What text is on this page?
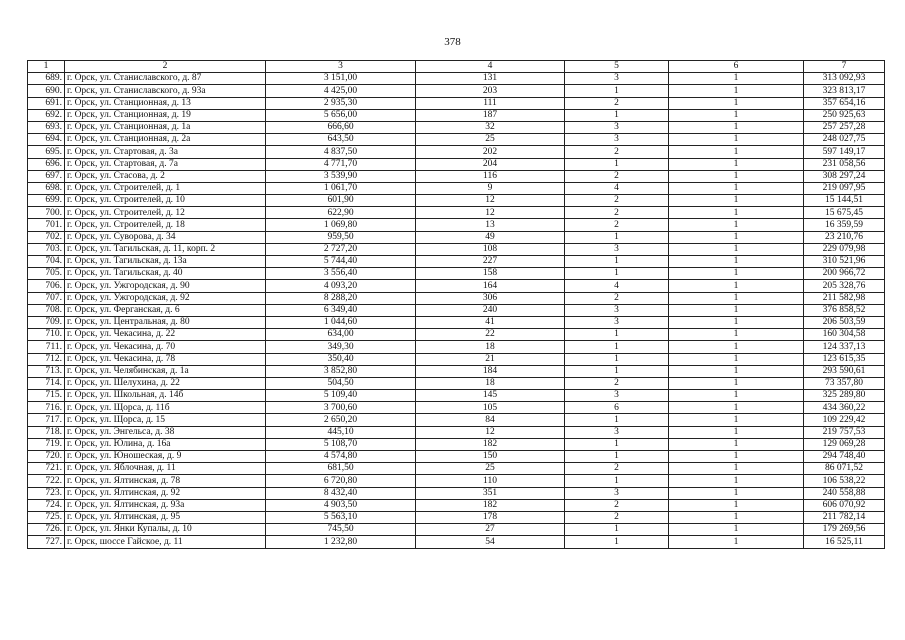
378
1	2	3	4	5	6	7
689.	г. Орск, ул. Станиславского, д. 87	3 151,00	131	3	1	313 092,93
690.	г. Орск, ул. Станиславского, д. 93а	4 425,00	203	1	1	323 813,17
691.	г. Орск, ул. Станционная, д. 13	2 935,30	111	2	1	357 654,16
692.	г. Орск, ул. Станционная, д. 19	5 656,00	187	1	1	250 925,63
693.	г. Орск, ул. Станционная, д. 1а	666,60	32	3	1	257 257,28
694.	г. Орск, ул. Станционная, д. 2а	643,50	25	3	1	248 027,75
695.	г. Орск, ул. Стартовая, д. 3а	4 837,50	202	2	1	597 149,17
696.	г. Орск, ул. Стартовая, д. 7а	4 771,70	204	1	1	231 058,56
697.	г. Орск, ул. Стасова, д. 2	3 539,90	116	2	1	308 297,24
698.	г. Орск, ул. Строителей, д. 1	1 061,70	9	4	1	219 097,95
699.	г. Орск, ул. Строителей, д. 10	601,90	12	2	1	15 144,51
700.	г. Орск, ул. Строителей, д. 12	622,90	12	2	1	15 675,45
701.	г. Орск, ул. Строителей, д. 18	1 069,80	13	2	1	16 359,59
702.	г. Орск, ул. Суворова, д. 34	959,50	49	1	1	23 210,76
703.	г. Орск, ул. Тагильская, д. 11, корп. 2	2 727,20	108	3	1	229 079,98
704.	г. Орск, ул. Тагильская, д. 13а	5 744,40	227	1	1	310 521,96
705.	г. Орск, ул. Тагильская, д. 40	3 556,40	158	1	1	200 966,72
706.	г. Орск, ул. Ужгородская, д. 90	4 093,20	164	4	1	205 328,76
707.	г. Орск, ул. Ужгородская, д. 92	8 288,20	306	2	1	211 582,98
708.	г. Орск, ул. Ферганская, д. 6	6 349,40	240	3	1	376 858,52
709.	г. Орск, ул. Центральная, д. 80	1 044,60	41	3	1	206 503,59
710.	г. Орск, ул. Чекасина, д. 22	634,00	22	1	1	160 304,58
711.	г. Орск, ул. Чекасина, д. 70	349,30	18	1	1	124 337,13
712.	г. Орск, ул. Чекасина, д. 78	350,40	21	1	1	123 615,35
713.	г. Орск, ул. Челябинская, д. 1а	3 852,80	184	1	1	293 590,61
714.	г. Орск, ул. Шелухина, д. 22	504,50	18	2	1	73 357,80
715.	г. Орск, ул. Школьная, д. 14б	5 109,40	145	3	1	325 289,80
716.	г. Орск, ул. Щорса, д. 11б	3 700,60	105	6	1	434 360,22
717.	г. Орск, ул. Щорса, д. 15	2 650,20	84	1	1	109 229,42
718.	г. Орск, ул. Энгельса, д. 38	445,10	12	3	1	219 757,53
719.	г. Орск, ул. Юлина, д. 16а	5 108,70	182	1	1	129 069,28
720.	г. Орск, ул. Юношеская, д. 9	4 574,80	150	1	1	294 748,40
721.	г. Орск, ул. Яблочная, д. 11	681,50	25	2	1	86 071,52
722.	г. Орск, ул. Ялтинская, д. 78	6 720,80	110	1	1	106 538,22
723.	г. Орск, ул. Ялтинская, д. 92	8 432,40	351	3	1	240 558,88
724.	г. Орск, ул. Ялтинская, д. 93а	4 903,50	182	2	1	606 070,92
725.	г. Орск, ул. Ялтинская, д. 95	5 563,10	178	2	1	211 782,14
726.	г. Орск, ул. Янки Купалы, д. 10	745,50	27	1	1	179 269,56
727.	г. Орск, шоссе Гайское, д. 11	1 232,80	54	1	1	16 525,11
